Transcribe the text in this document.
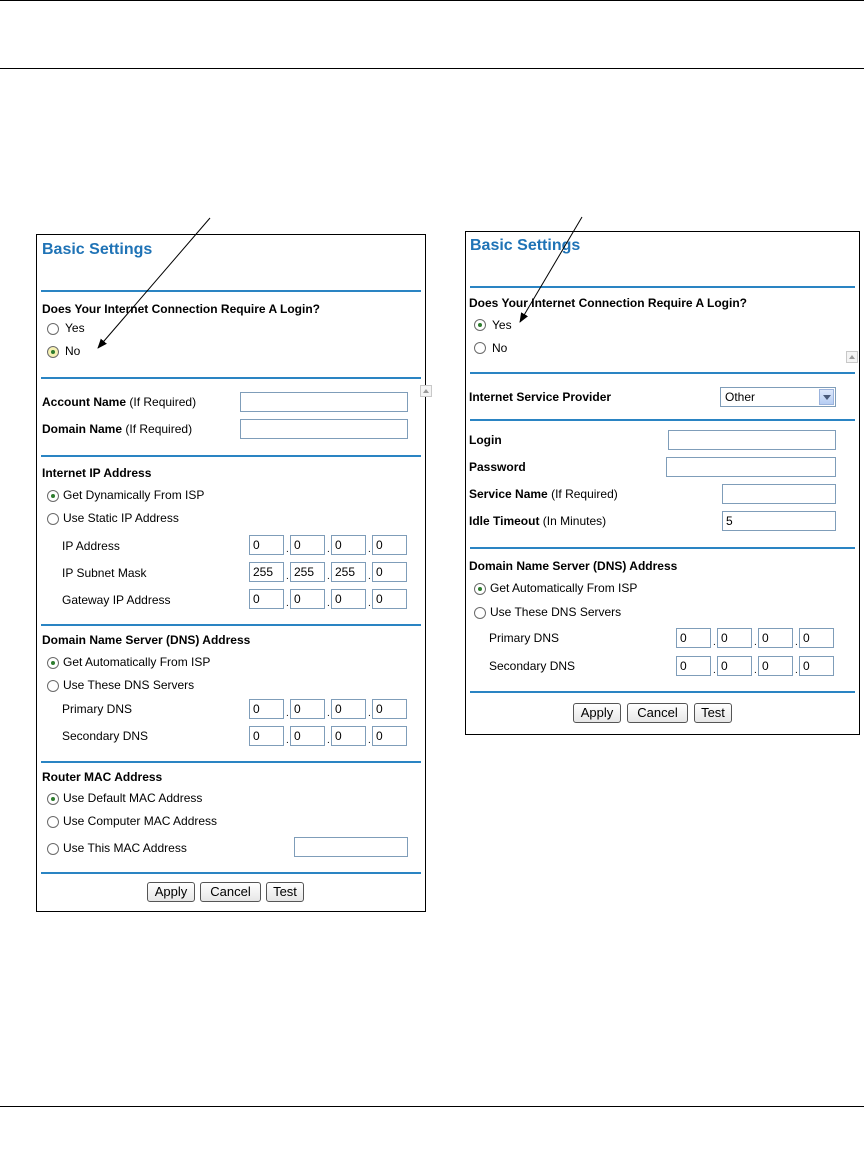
Basic Settings
Does Your Internet Connection Require A Login?
Yes
No
Account Name (If Required)
Domain Name (If Required)
Internet IP Address
Get Dynamically From ISP
Use Static IP Address
IP Address	0	. 0	. 0	. 0
IP Subnet Mask	255	. 255	. 255	. 0
Gateway IP Address	0	. 0	. 0	. 0
Domain Name Server (DNS) Address
Get Automatically From ISP
Use These DNS Servers
Primary DNS	0	. 0	. 0	. 0
Secondary DNS	0	. 0	. 0	. 0
Router MAC Address
Use Default MAC Address
Use Computer MAC Address
Use This MAC Address
Apply	Cancel	Test
Basic Settings
Does Your Internet Connection Require A Login?
Yes
No
Internet Service Provider	Other
Login
Password
Service Name (If Required)
Idle Timeout (In Minutes)	5
Domain Name Server (DNS) Address
Get Automatically From ISP
Use These DNS Servers
Primary DNS	0	. 0	. 0	. 0
Secondary DNS	0	. 0	. 0	. 0
Apply	Cancel	Test
